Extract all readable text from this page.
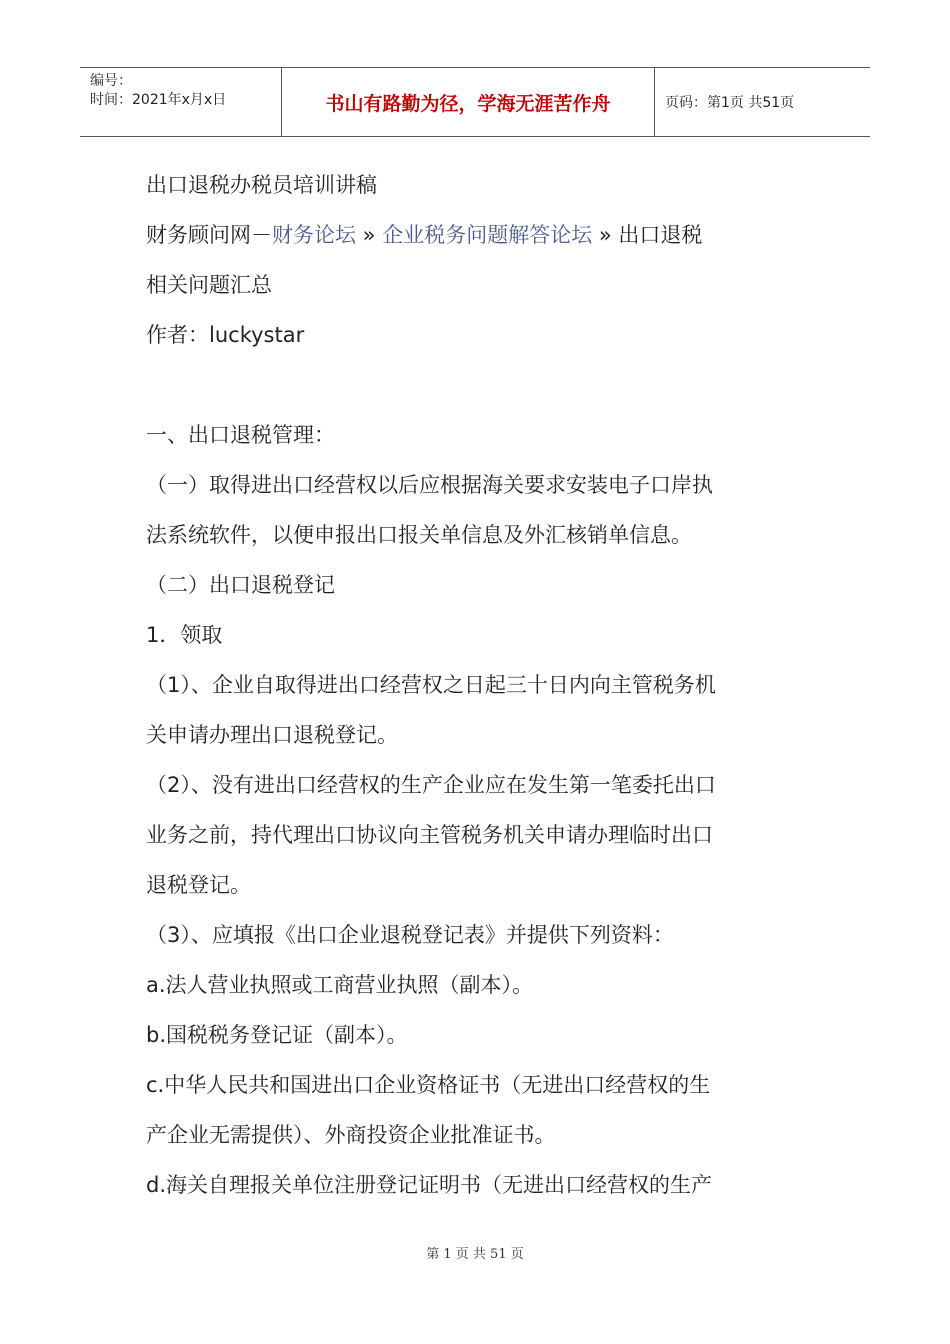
编号：
时间：2021年x月x日	书山有路勤为径，学海无涯苦作舟	页码：第1页 共51页
出口退税办税员培训讲稿
财务顾问网－财务论坛 » 企业税务问题解答论坛 » 出口退税
相关问题汇总
作者：luckystar
一、出口退税管理：
（一）取得进出口经营权以后应根据海关要求安装电子口岸执
法系统软件，以便申报出口报关单信息及外汇核销单信息。
（二）出口退税登记
1．领取
（1）、企业自取得进出口经营权之日起三十日内向主管税务机
关申请办理出口退税登记。
（2）、没有进出口经营权的生产企业应在发生第一笔委托出口
业务之前，持代理出口协议向主管税务机关申请办理临时出口
退税登记。
（3）、应填报《出口企业退税登记表》并提供下列资料：
a.法人营业执照或工商营业执照（副本）。
b.国税税务登记证（副本）。
c.中华人民共和国进出口企业资格证书（无进出口经营权的生
产企业无需提供）、外商投资企业批准证书。
d.海关自理报关单位注册登记证明书（无进出口经营权的生产
第 1 页 共 51 页
